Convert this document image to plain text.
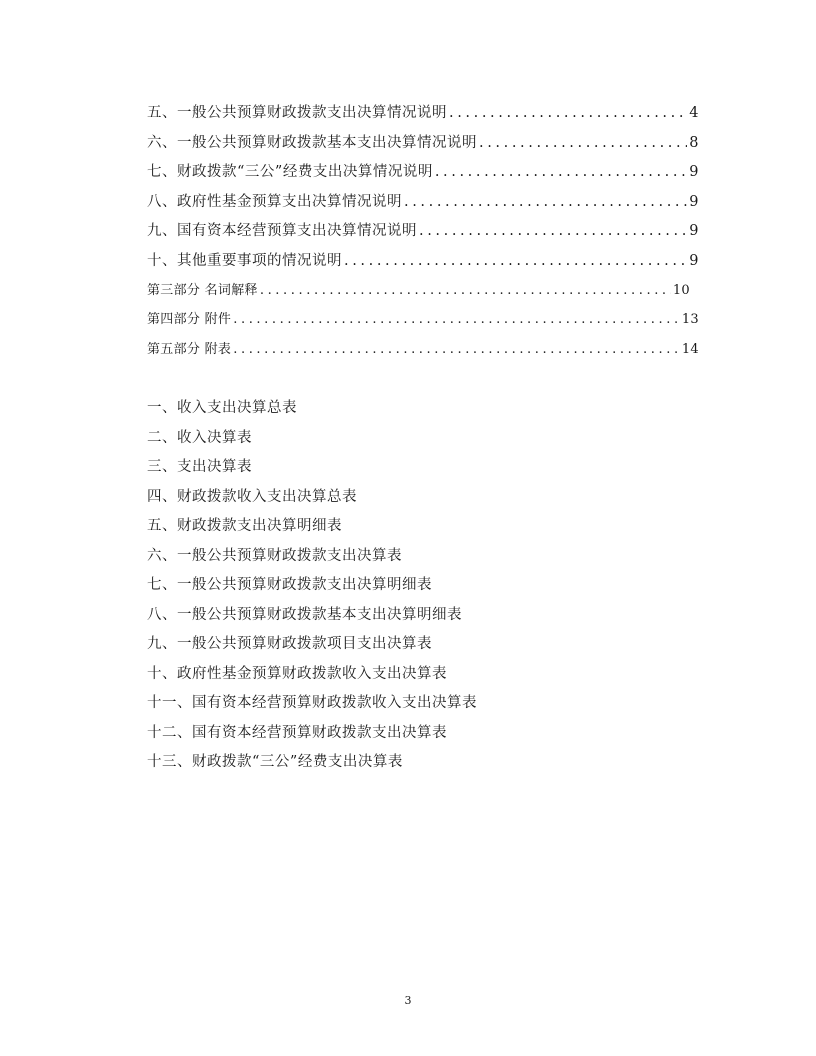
五、一般公共预算财政拨款支出决算情况说明 .....	4
六、一般公共预算财政拨款基本支出决算情况说明 .....	8
七、财政拨款“三公”经费支出决算情况说明 .....	9
八、政府性基金预算支出决算情况说明 .....	9
九、国有资本经营预算支出决算情况说明 .....	9
十、其他重要事项的情况说明 .....	9
第三部分 名词解释 .....	10
第四部分 附件 .....	13
第五部分 附表 .....	14
一、收入支出决算总表
二、收入决算表
三、支出决算表
四、财政拨款收入支出决算总表
五、财政拨款支出决算明细表
六、一般公共预算财政拨款支出决算表
七、一般公共预算财政拨款支出决算明细表
八、一般公共预算财政拨款基本支出决算明细表
九、一般公共预算财政拨款项目支出决算表
十、政府性基金预算财政拨款收入支出决算表
十一、国有资本经营预算财政拨款收入支出决算表
十二、国有资本经营预算财政拨款支出决算表
十三、财政拨款“三公”经费支出决算表
3
